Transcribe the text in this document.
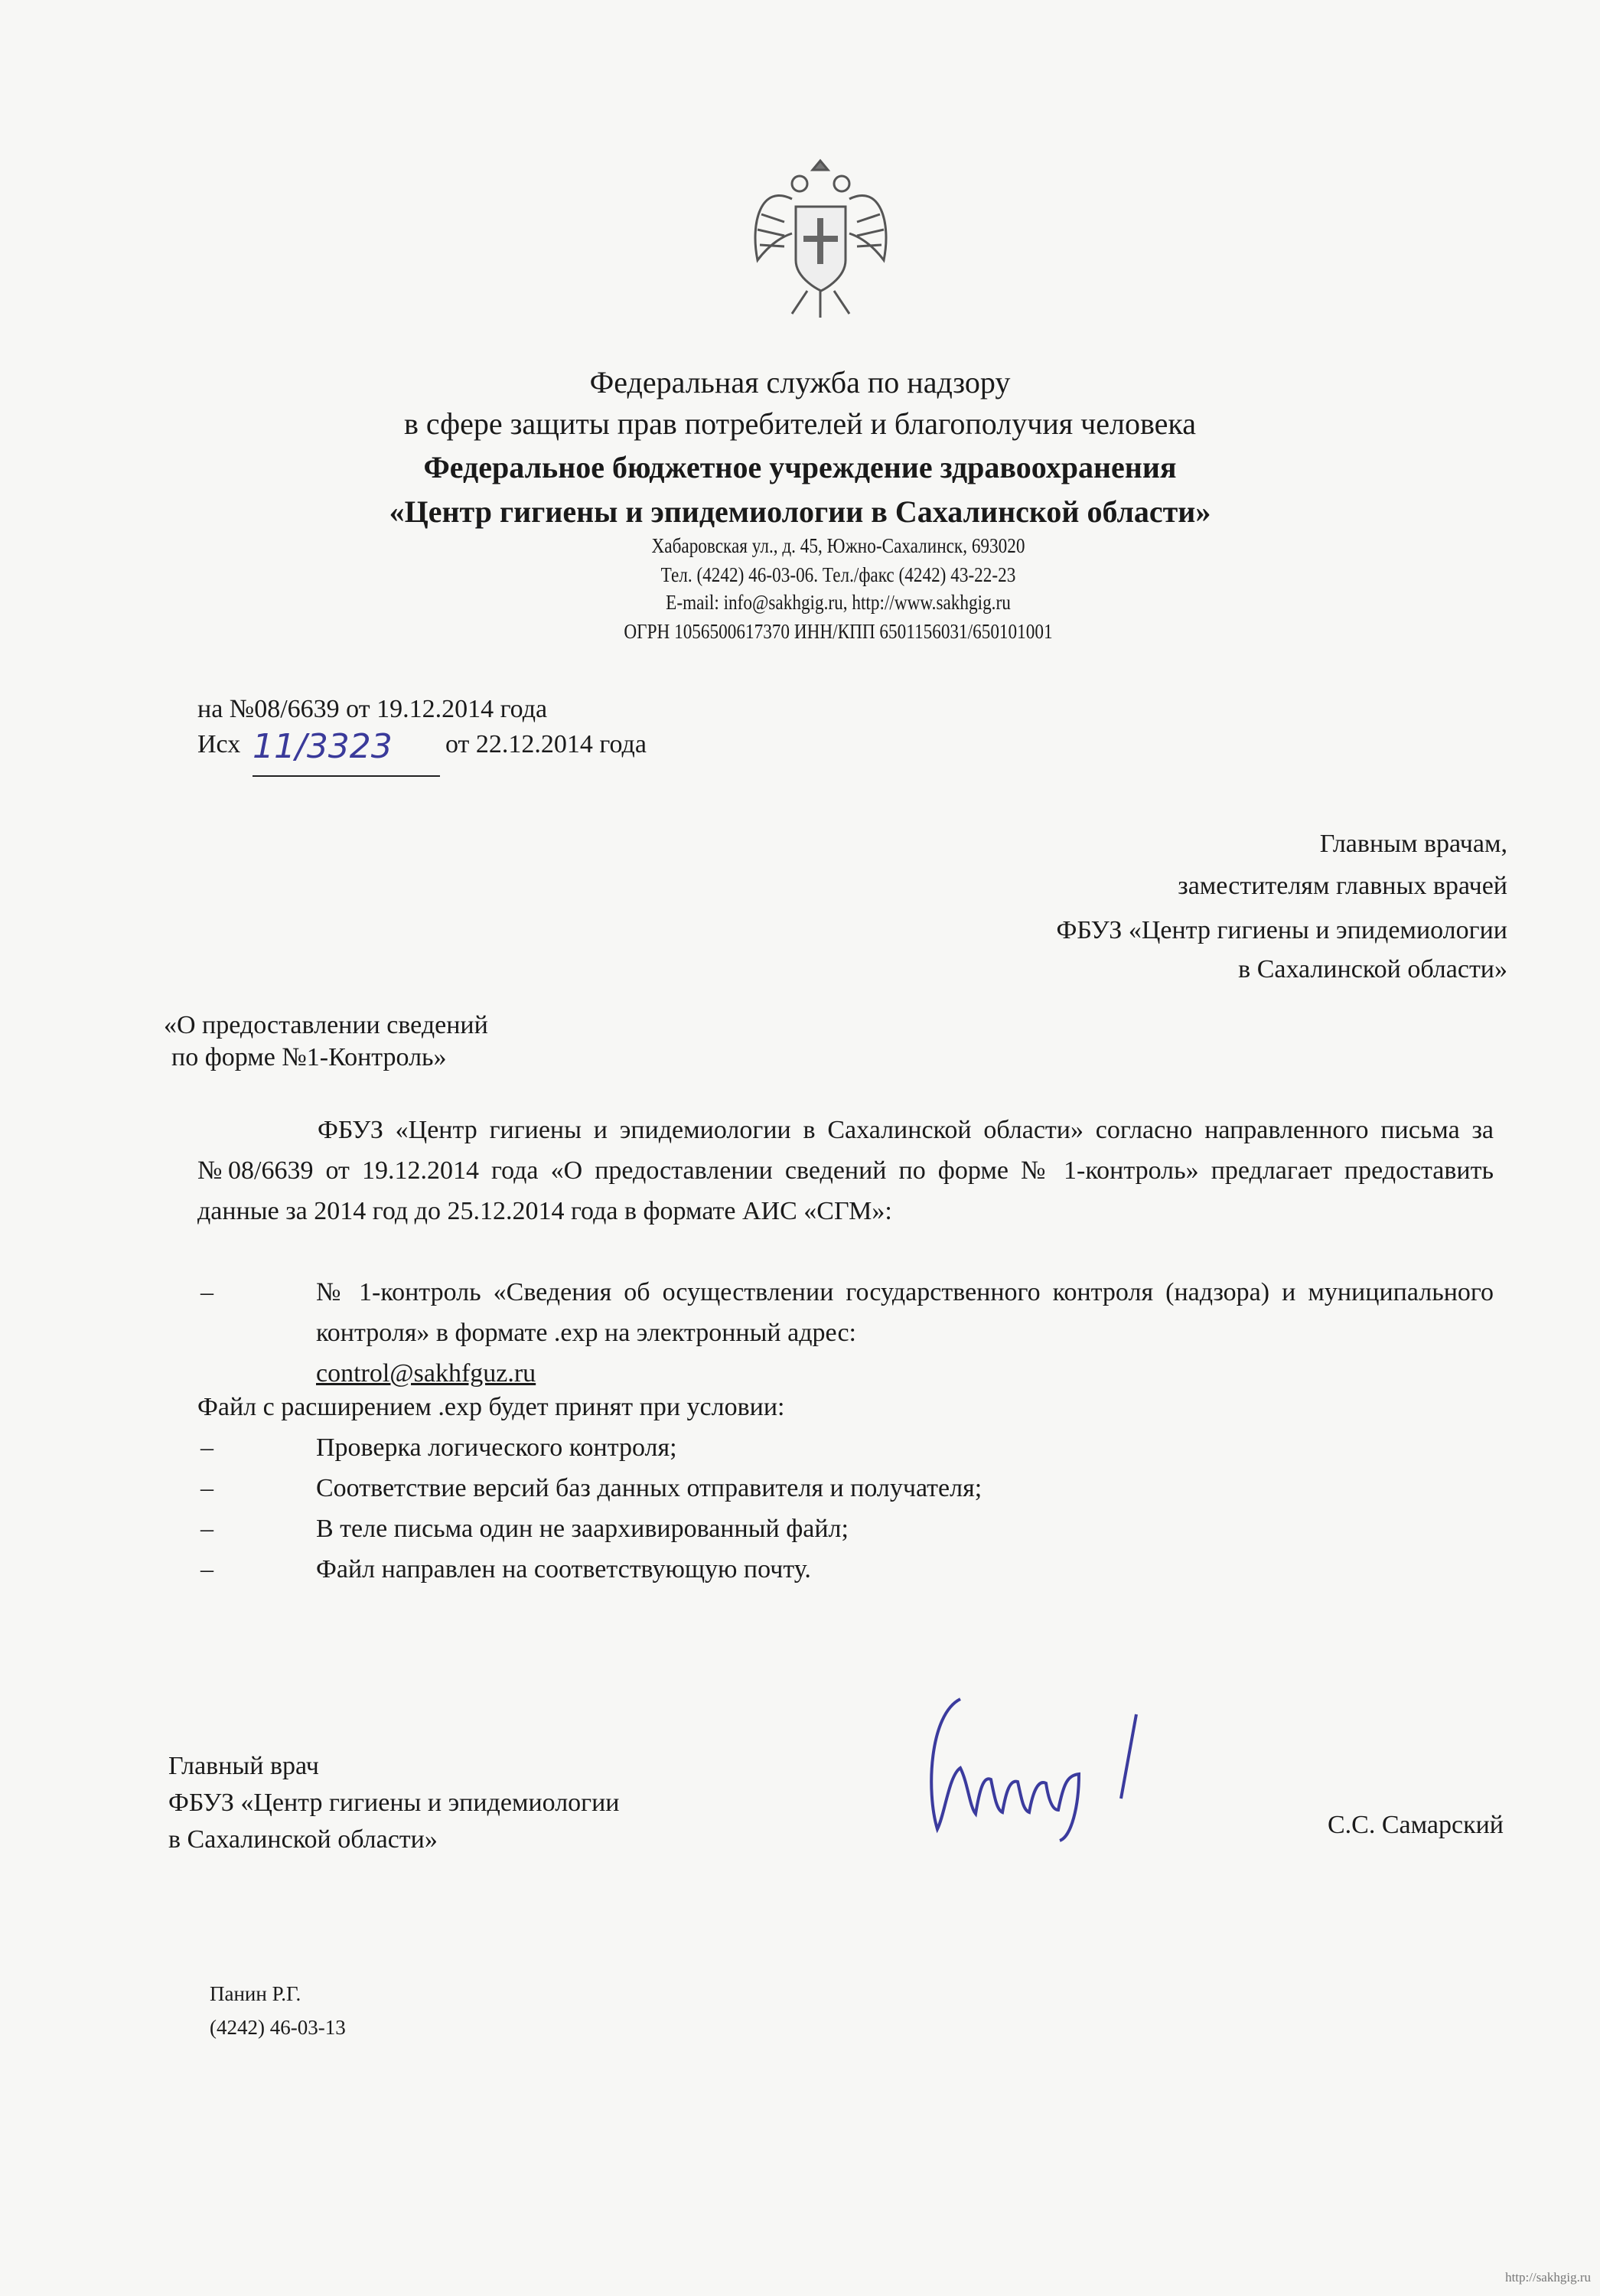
Федеральная служба по надзору
в сфере защиты прав потребителей и благополучия человека
Федеральное бюджетное учреждение здравоохранения
«Центр гигиены и эпидемиологии в Сахалинской области»
Хабаровская ул., д. 45, Южно-Сахалинск, 693020
Тел. (4242) 46-03-06. Тел./факс (4242) 43-22-23
E-mail: info@sakhgig.ru, http://www.sakhgig.ru
ОГРН 1056500617370 ИНН/КПП 6501156031/650101001
на №08/6639 от 19.12.2014 года
Исх 11/3323 от 22.12.2014 года
Главным врачам,
заместителям главных врачей
ФБУЗ «Центр гигиены и эпидемиологии
в Сахалинской области»
«О предоставлении сведений
по форме №1-Контроль»

ФБУЗ «Центр гигиены и эпидемиологии в Сахалинской области» согласно направленного письма за №08/6639 от 19.12.2014 года «О предоставлении сведений по форме № 1-контроль» предлагает предоставить данные за 2014 год до 25.12.2014 года в формате АИС «СГМ»:

–	№ 1-контроль «Сведения об осуществлении государственного контроля (надзора) и муниципального контроля» в формате .exp на электронный адрес:
control@sakhfguz.ru
Файл с расширением .exp будет принят при условии:
–	Проверка логического контроля;
–	Соответствие версий баз данных отправителя и получателя;
–	В теле письма один не заархивированный файл;
–	Файл направлен на соответствующую почту.
Главный врач
ФБУЗ «Центр гигиены и эпидемиологии
в Сахалинской области»
С.С. Самарский
Панин Р.Г.
(4242) 46-03-13
http://sakhgig.ru
